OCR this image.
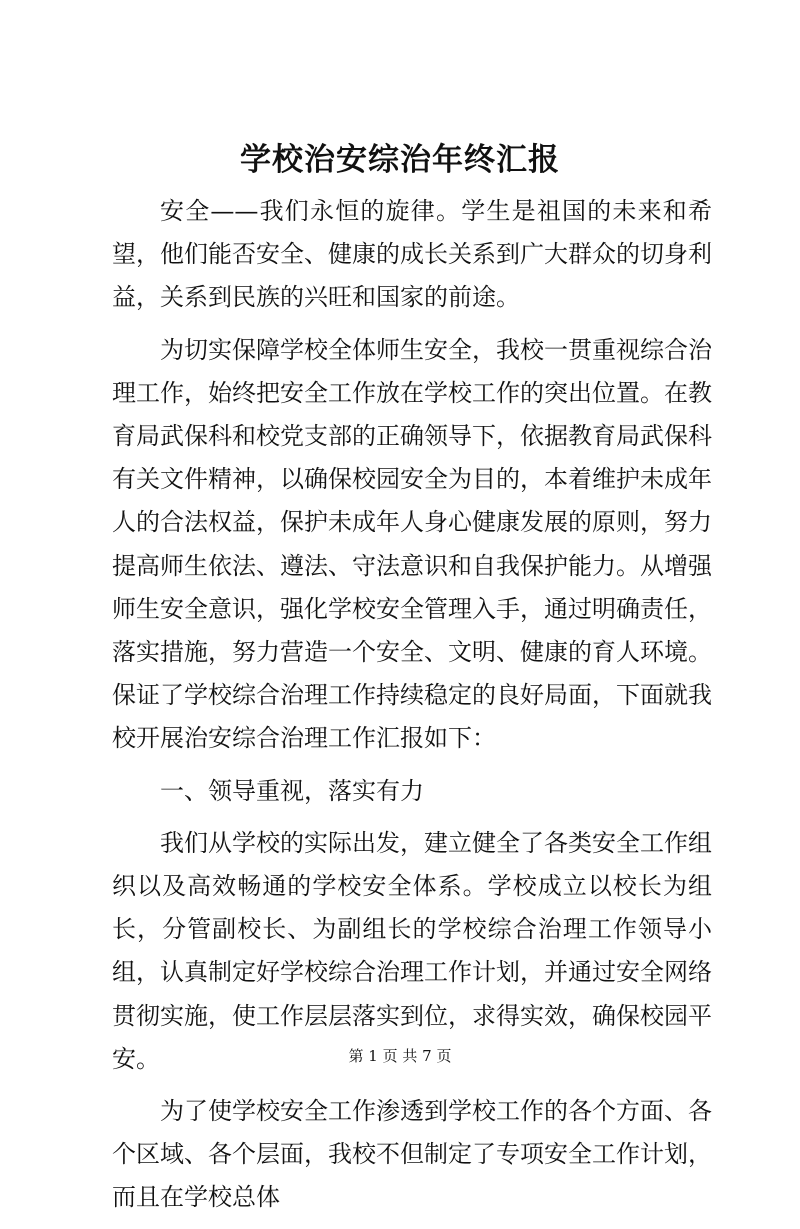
学校治安综治年终汇报

安全——我们永恒的旋律。学生是祖国的未来和希望，他们能否安全、健康的成长关系到广大群众的切身利益，关系到民族的兴旺和国家的前途。

为切实保障学校全体师生安全，我校一贯重视综合治理工作，始终把安全工作放在学校工作的突出位置。在教育局武保科和校党支部的正确领导下，依据教育局武保科有关文件精神，以确保校园安全为目的，本着维护未成年人的合法权益，保护未成年人身心健康发展的原则，努力提高师生依法、遵法、守法意识和自我保护能力。从增强师生安全意识，强化学校安全管理入手，通过明确责任，落实措施，努力营造一个安全、文明、健康的育人环境。保证了学校综合治理工作持续稳定的良好局面，下面就我校开展治安综合治理工作汇报如下：

一、领导重视，落实有力

我们从学校的实际出发，建立健全了各类安全工作组织以及高效畅通的学校安全体系。学校成立以校长为组长，分管副校长、为副组长的学校综合治理工作领导小组，认真制定好学校综合治理工作计划，并通过安全网络贯彻实施，使工作层层落实到位，求得实效，确保校园平安。

为了使学校安全工作渗透到学校工作的各个方面、各个区域、各个层面，我校不但制定了专项安全工作计划，而且在学校总体

第 1 页 共 7 页
